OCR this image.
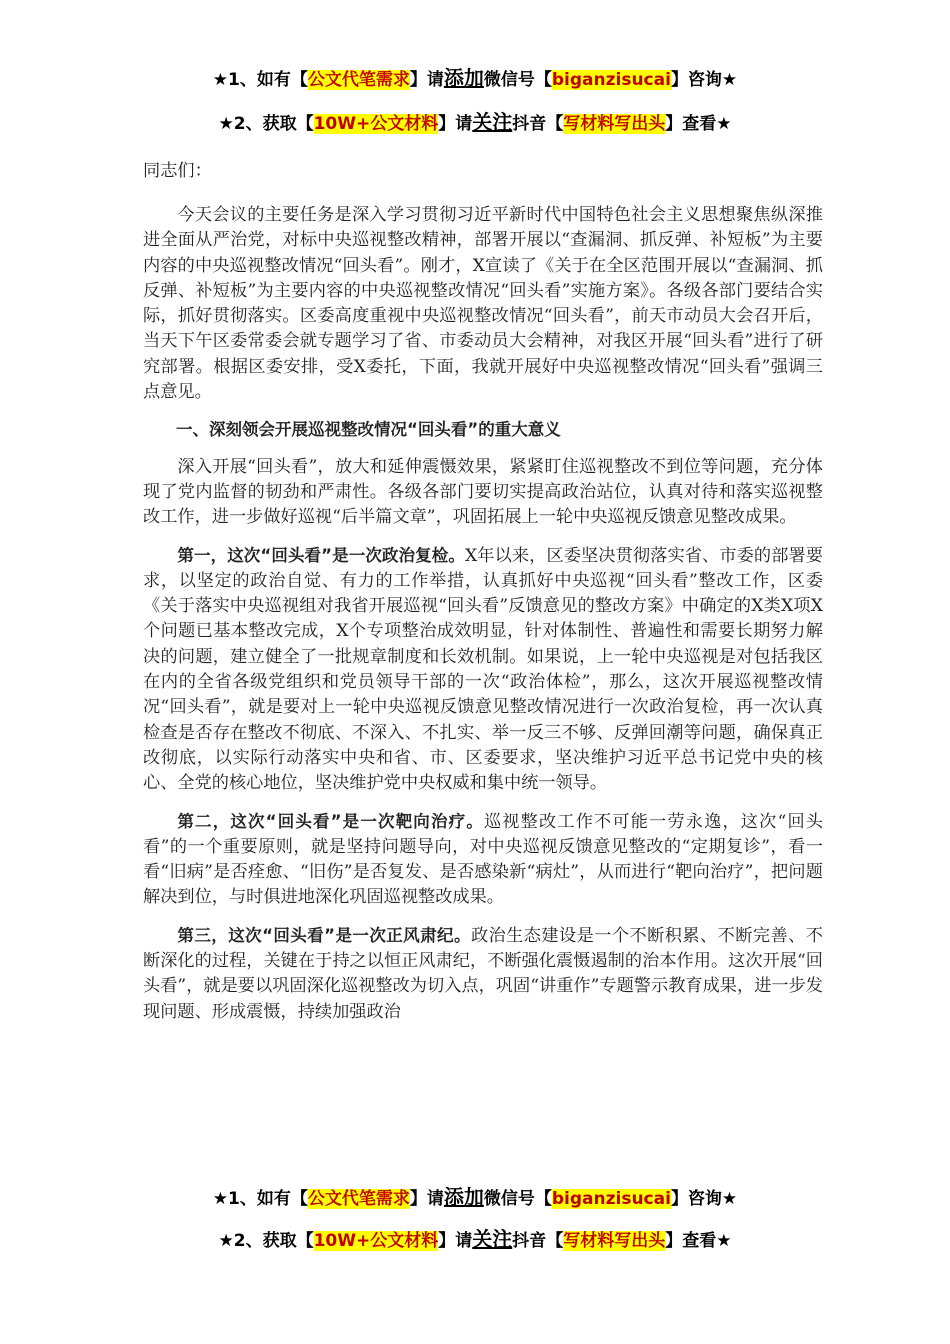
★1、如有【公文代笔需求】请添加微信号【biganzisucai】咨询★
★2、获取【10W+公文材料】请关注抖音【写材料写出头】查看★
同志们：

今天会议的主要任务是深入学习贯彻习近平新时代中国特色社会主义思想聚焦纵深推进全面从严治党，对标中央巡视整改精神，部署开展以“查漏洞、抓反弹、补短板”为主要内容的中央巡视整改情况“回头看”。刚才，X宣读了《关于在全区范围开展以“查漏洞、抓反弹、补短板”为主要内容的中央巡视整改情况“回头看”实施方案》。各级各部门要结合实际，抓好贯彻落实。区委高度重视中央巡视整改情况“回头看”，前天市动员大会召开后，当天下午区委常委会就专题学习了省、市委动员大会精神，对我区开展“回头看”进行了研究部署。根据区委安排，受X委托，下面，我就开展好中央巡视整改情况“回头看”强调三点意见。

一、深刻领会开展巡视整改情况“回头看”的重大意义

深入开展“回头看”，放大和延伸震慑效果，紧紧盯住巡视整改不到位等问题，充分体现了党内监督的韧劲和严肃性。各级各部门要切实提高政治站位，认真对待和落实巡视整改工作，进一步做好巡视“后半篇文章”，巩固拓展上一轮中央巡视反馈意见整改成果。

第一，这次“回头看”是一次政治复检。X年以来，区委坚决贯彻落实省、市委的部署要求，以坚定的政治自觉、有力的工作举措，认真抓好中央巡视“回头看”整改工作，区委《关于落实中央巡视组对我省开展巡视“回头看”反馈意见的整改方案》中确定的X类X项X个问题已基本整改完成，X个专项整治成效明显，针对体制性、普遍性和需要长期努力解决的问题，建立健全了一批规章制度和长效机制。如果说，上一轮中央巡视是对包括我区在内的全省各级党组织和党员领导干部的一次“政治体检”，那么，这次开展巡视整改情况“回头看”，就是要对上一轮中央巡视反馈意见整改情况进行一次政治复检，再一次认真检查是否存在整改不彻底、不深入、不扎实、举一反三不够、反弹回潮等问题，确保真正改彻底，以实际行动落实中央和省、市、区委要求，坚决维护习近平总书记党中央的核心、全党的核心地位，坚决维护党中央权威和集中统一领导。

第二，这次“回头看”是一次靶向治疗。巡视整改工作不可能一劳永逸，这次“回头看”的一个重要原则，就是坚持问题导向，对中央巡视反馈意见整改的“定期复诊”，看一看“旧病”是否痊愈、“旧伤”是否复发、是否感染新“病灶”，从而进行“靶向治疗”，把问题解决到位，与时俱进地深化巩固巡视整改成果。

第三，这次“回头看”是一次正风肃纪。政治生态建设是一个不断积累、不断完善、不断深化的过程，关键在于持之以恒正风肃纪，不断强化震慑遏制的治本作用。这次开展“回头看”，就是要以巩固深化巡视整改为切入点，巩固“讲重作”专题警示教育成果，进一步发现问题、形成震慑，持续加强政治

★1、如有【公文代笔需求】请添加微信号【biganzisucai】咨询★
★2、获取【10W+公文材料】请关注抖音【写材料写出头】查看★
